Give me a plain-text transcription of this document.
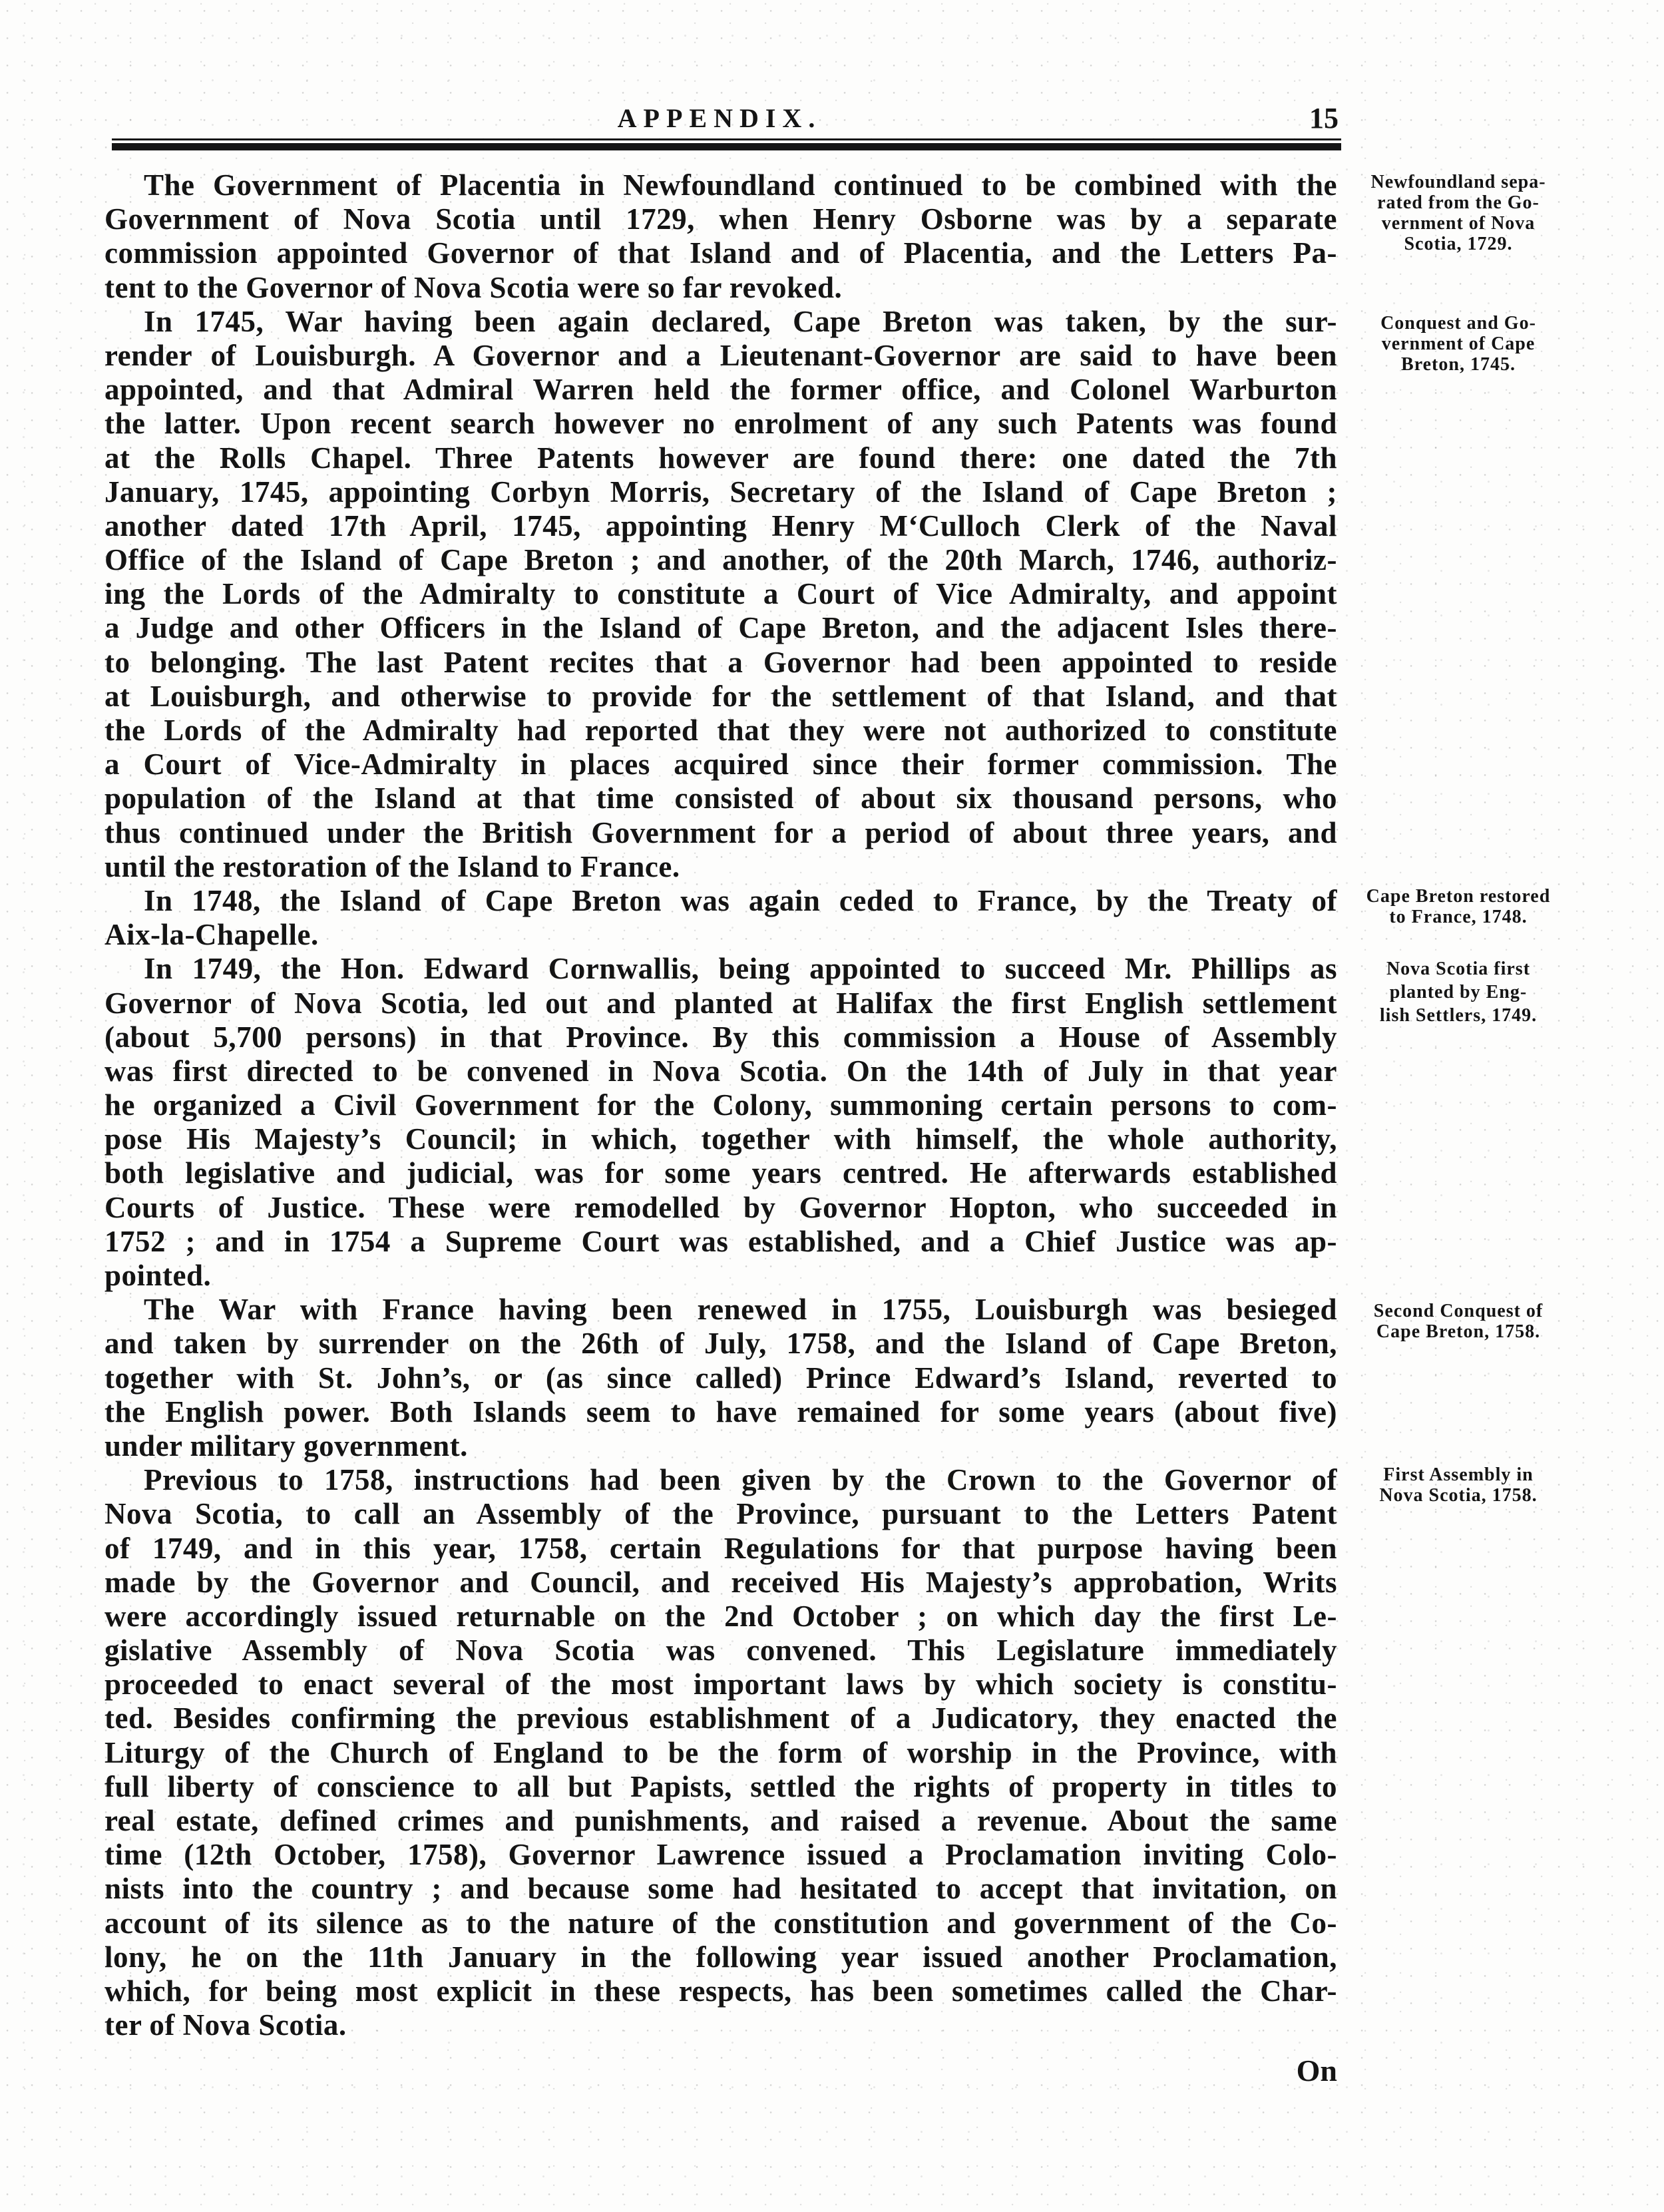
APPENDIX.	15
The Government of Placentia in Newfoundland continued to be combined with the
Government of Nova Scotia until 1729, when Henry Osborne was by a separate
commission appointed Governor of that Island and of Placentia, and the Letters Pa-
tent to the Governor of Nova Scotia were so far revoked.
In 1745, War having been again declared, Cape Breton was taken, by the sur-
render of Louisburgh. A Governor and a Lieutenant-Governor are said to have been
appointed, and that Admiral Warren held the former office, and Colonel Warburton
the latter. Upon recent search however no enrolment of any such Patents was found
at the Rolls Chapel. Three Patents however are found there: one dated the 7th
January, 1745, appointing Corbyn Morris, Secretary of the Island of Cape Breton ;
another dated 17th April, 1745, appointing Henry M‘Culloch Clerk of the Naval
Office of the Island of Cape Breton ; and another, of the 20th March, 1746, authoriz-
ing the Lords of the Admiralty to constitute a Court of Vice Admiralty, and appoint
a Judge and other Officers in the Island of Cape Breton, and the adjacent Isles there-
to belonging. The last Patent recites that a Governor had been appointed to reside
at Louisburgh, and otherwise to provide for the settlement of that Island, and that
the Lords of the Admiralty had reported that they were not authorized to constitute
a Court of Vice-Admiralty in places acquired since their former commission. The
population of the Island at that time consisted of about six thousand persons, who
thus continued under the British Government for a period of about three years, and
until the restoration of the Island to France.
In 1748, the Island of Cape Breton was again ceded to France, by the Treaty of
Aix-la-Chapelle.
In 1749, the Hon. Edward Cornwallis, being appointed to succeed Mr. Phillips as
Governor of Nova Scotia, led out and planted at Halifax the first English settlement
(about 5,700 persons) in that Province. By this commission a House of Assembly
was first directed to be convened in Nova Scotia. On the 14th of July in that year
he organized a Civil Government for the Colony, summoning certain persons to com-
pose His Majesty’s Council; in which, together with himself, the whole authority,
both legislative and judicial, was for some years centred. He afterwards established
Courts of Justice. These were remodelled by Governor Hopton, who succeeded in
1752 ; and in 1754 a Supreme Court was established, and a Chief Justice was ap-
pointed.
The War with France having been renewed in 1755, Louisburgh was besieged
and taken by surrender on the 26th of July, 1758, and the Island of Cape Breton,
together with St. John’s, or (as since called) Prince Edward’s Island, reverted to
the English power. Both Islands seem to have remained for some years (about five)
under military government.
Previous to 1758, instructions had been given by the Crown to the Governor of
Nova Scotia, to call an Assembly of the Province, pursuant to the Letters Patent
of 1749, and in this year, 1758, certain Regulations for that purpose having been
made by the Governor and Council, and received His Majesty’s approbation, Writs
were accordingly issued returnable on the 2nd October ; on which day the first Le-
gislative Assembly of Nova Scotia was convened. This Legislature immediately
proceeded to enact several of the most important laws by which society is constitu-
ted. Besides confirming the previous establishment of a Judicatory, they enacted the
Liturgy of the Church of England to be the form of worship in the Province, with
full liberty of conscience to all but Papists, settled the rights of property in titles to
real estate, defined crimes and punishments, and raised a revenue. About the same
time (12th October, 1758), Governor Lawrence issued a Proclamation inviting Colo-
nists into the country ; and because some had hesitated to accept that invitation, on
account of its silence as to the nature of the constitution and government of the Co-
lony, he on the 11th January in the following year issued another Proclamation,
which, for being most explicit in these respects, has been sometimes called the Char-
ter of Nova Scotia.
Newfoundland sepa-
rated from the Go-
vernment of Nova
Scotia, 1729.
Conquest and Go-
vernment of Cape
Breton, 1745.
Cape Breton restored
to France, 1748.
Nova Scotia first
planted by Eng-
lish Settlers, 1749.
Second Conquest of
Cape Breton, 1758.
First Assembly in
Nova Scotia, 1758.
On
